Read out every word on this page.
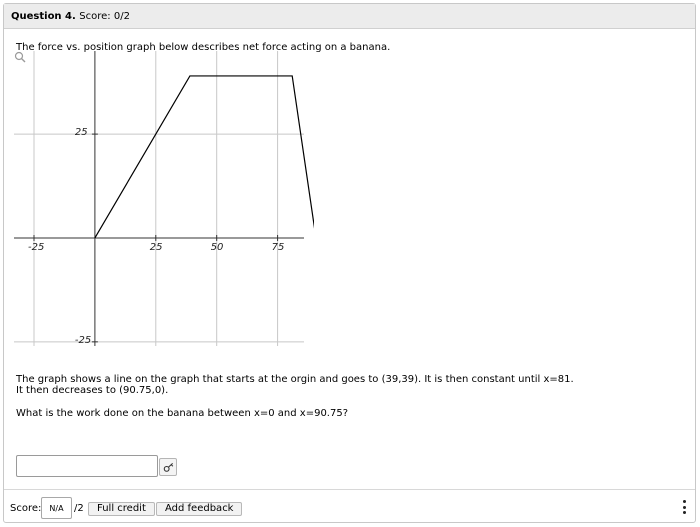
Question 4. Score: 0/2
The force vs. position graph below describes net force acting on a banana.
-25	25	50	75
25
-25
The graph shows a line on the graph that starts at the orgin and goes to (39,39). It is then constant until x=81.
It then decreases to (90.75,0).
What is the work done on the banana between x=0 and x=90.75?
Score:	N/A	/2	Full credit	Add feedback
